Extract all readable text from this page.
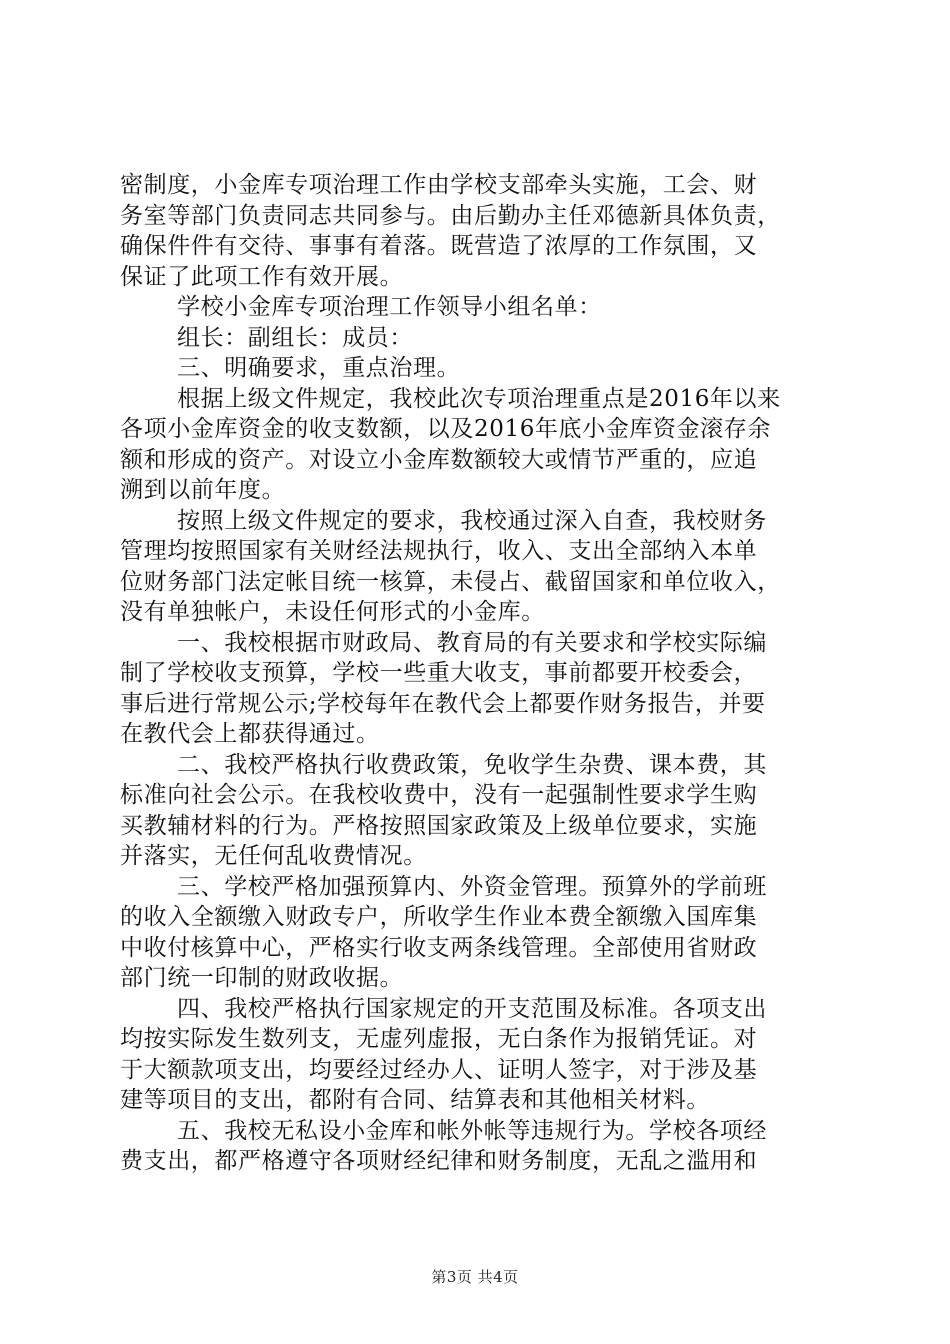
密制度，小金库专项治理工作由学校支部牵头实施，工会、财
务室等部门负责同志共同参与。由后勤办主任邓德新具体负责，
确保件件有交待、事事有着落。既营造了浓厚的工作氛围，又
保证了此项工作有效开展。
学校小金库专项治理工作领导小组名单：
组长：副组长：成员：
三、明确要求，重点治理。
根据上级文件规定，我校此次专项治理重点是2016年以来
各项小金库资金的收支数额，以及2016年底小金库资金滚存余
额和形成的资产。对设立小金库数额较大或情节严重的，应追
溯到以前年度。
按照上级文件规定的要求，我校通过深入自查，我校财务
管理均按照国家有关财经法规执行，收入、支出全部纳入本单
位财务部门法定帐目统一核算，未侵占、截留国家和单位收入，
没有单独帐户，未设任何形式的小金库。
一、我校根据市财政局、教育局的有关要求和学校实际编
制了学校收支预算，学校一些重大收支，事前都要开校委会，
事后进行常规公示;学校每年在教代会上都要作财务报告，并要
在教代会上都获得通过。
二、我校严格执行收费政策，免收学生杂费、课本费，其
标准向社会公示。在我校收费中，没有一起强制性要求学生购
买教辅材料的行为。严格按照国家政策及上级单位要求，实施
并落实，无任何乱收费情况。
三、学校严格加强预算内、外资金管理。预算外的学前班
的收入全额缴入财政专户，所收学生作业本费全额缴入国库集
中收付核算中心，严格实行收支两条线管理。全部使用省财政
部门统一印制的财政收据。
四、我校严格执行国家规定的开支范围及标准。各项支出
均按实际发生数列支，无虚列虚报，无白条作为报销凭证。对
于大额款项支出，均要经过经办人、证明人签字，对于涉及基
建等项目的支出，都附有合同、结算表和其他相关材料。
五、我校无私设小金库和帐外帐等违规行为。学校各项经
费支出，都严格遵守各项财经纪律和财务制度，无乱之滥用和
第3页 共4页
